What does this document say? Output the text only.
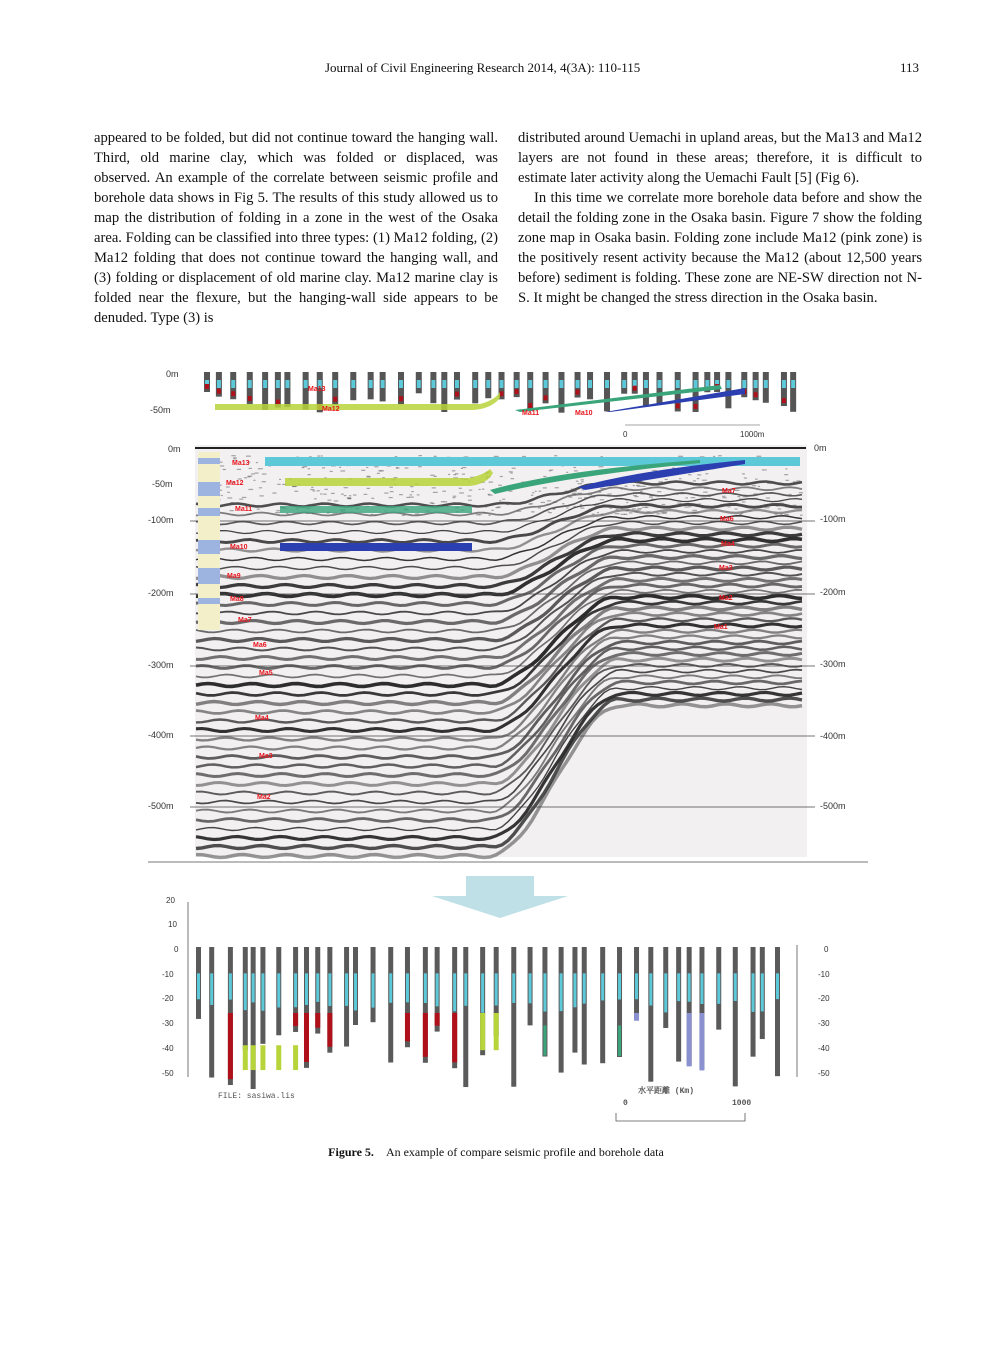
Journal of Civil Engineering Research 2014, 4(3A): 110-115	113

appeared to be folded, but did not continue toward the hanging wall. Third, old marine clay, which was folded or displaced, was observed. An example of the correlate between seismic profile and borehole data shows in Fig 5. The results of this study allowed us to map the distribution of folding in a zone in the west of the Osaka area. Folding can be classified into three types: (1) Ma12 folding, (2) Ma12 folding that does not continue toward the hanging wall, and (3) folding or displacement of old marine clay. Ma12 marine clay is folded near the flexure, but the hanging-wall side appears to be denuded. Type (3) is

distributed around Uemachi in upland areas, but the Ma13 and Ma12 layers are not found in these areas; therefore, it is difficult to estimate later activity along the Uemachi Fault [5] (Fig 6).

In this time we correlate more borehole data before and show the detail the folding zone in the Osaka basin. Figure 7 show the folding zone map in Osaka basin. Folding zone include Ma12 (pink zone) is the positively resent activity because the Ma12 (about 12,500 years before) sediment is folding. These zone are NE-SW direction not N-S. It might be changed the stress direction in the Osaka basin.

0m
-50m
Ma13
Ma12
Ma11	Ma10
0	1000m
0m
-50m
-100m
-200m
-300m
-400m
-500m
0m
-100m
-200m
-300m
-400m
-500m
Ma13
Ma12
Ma11
Ma10
Ma9
Ma8
Ma7
Ma6
Ma5
Ma4
Ma3
Ma2
Ma7
Ma6
Ma4
Ma3
Ma2
Ma1
20
10
0
-10
-20
-30
-40
-50
0
-10
-20
-30
-40
-50
FILE: sasiwa.lis
水平距離 (Km)
0	1000
Figure 5. An example of compare seismic profile and borehole data
